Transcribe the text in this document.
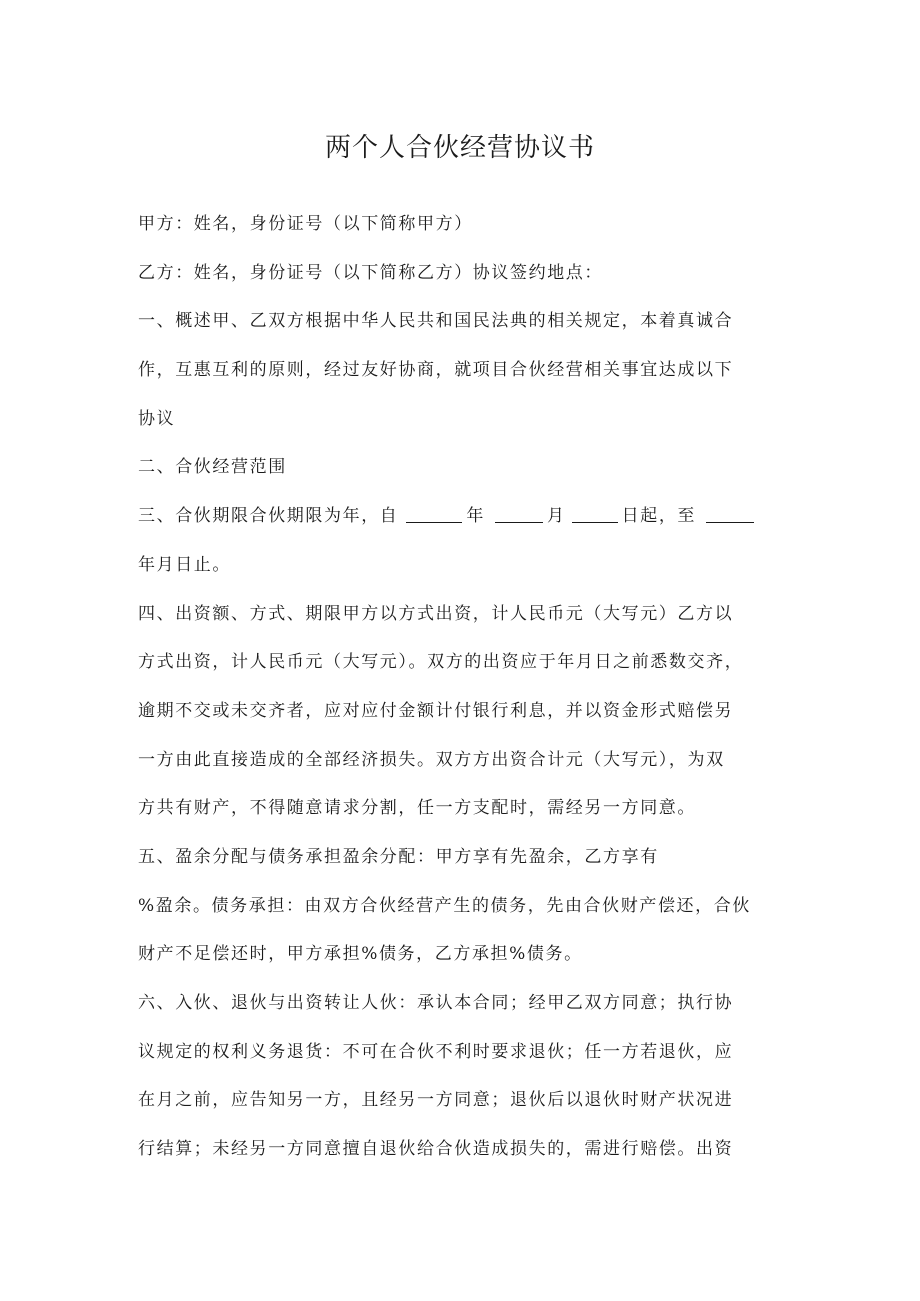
两个人合伙经营协议书
甲方：姓名，身份证号（以下简称甲方）
乙方：姓名，身份证号（以下简称乙方）协议签约地点：
一、概述甲、乙双方根据中华人民共和国民法典的相关规定，本着真诚合
作，互惠互利的原则，经过友好协商，就项目合伙经营相关事宜达成以下
协议
二、合伙经营范围
三、合伙期限合伙期限为年，自	年	月	日起，至
年月日止。
四、出资额、方式、期限甲方以方式出资，计人民币元（大写元）乙方以
方式出资，计人民币元（大写元）。双方的出资应于年月日之前悉数交齐，
逾期不交或未交齐者，应对应付金额计付银行利息，并以资金形式赔偿另
一方由此直接造成的全部经济损失。双方方出资合计元（大写元），为双
方共有财产，不得随意请求分割，任一方支配时，需经另一方同意。
五、盈余分配与债务承担盈余分配：甲方享有先盈余，乙方享有
%盈余。债务承担：由双方合伙经营产生的债务，先由合伙财产偿还，合伙
财产不足偿还时，甲方承担%债务，乙方承担%债务。
六、入伙、退伙与出资转让人伙：承认本合同；经甲乙双方同意；执行协
议规定的权利义务退货：不可在合伙不利时要求退伙；任一方若退伙，应
在月之前，应告知另一方，且经另一方同意；退伙后以退伙时财产状况进
行结算；未经另一方同意擅自退伙给合伙造成损失的，需进行赔偿。出资
